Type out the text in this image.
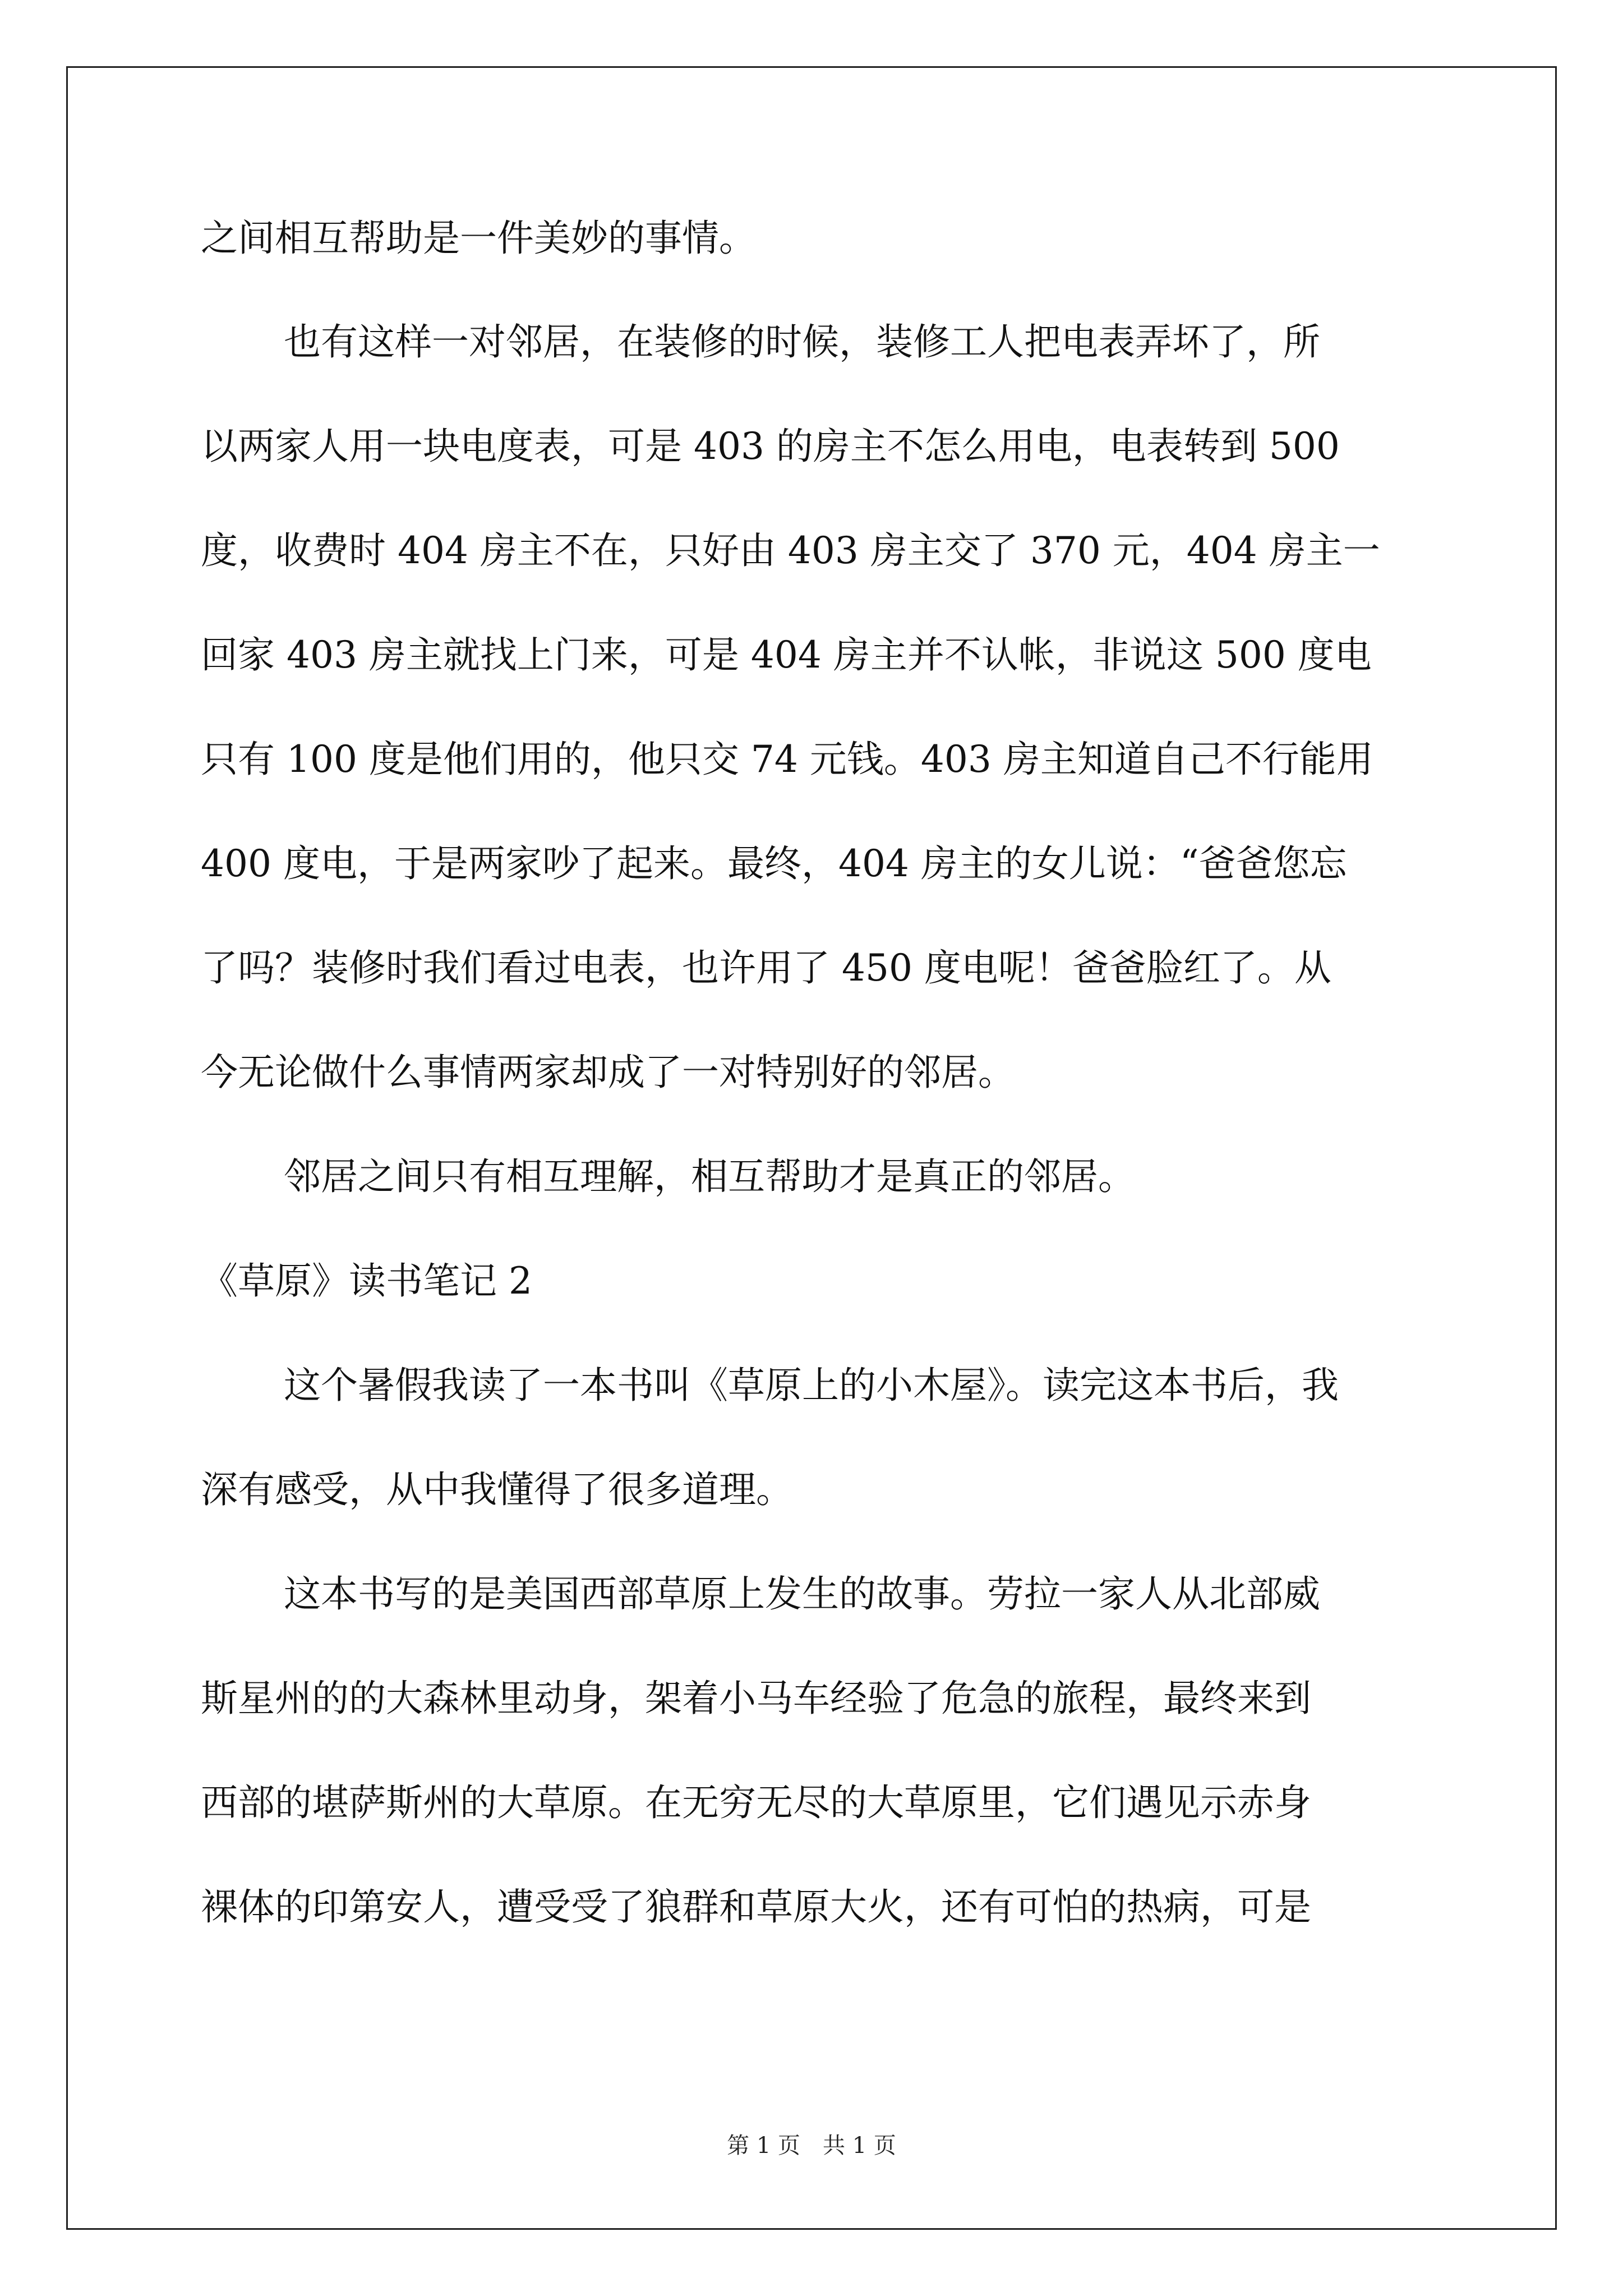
之间相互帮助是一件美妙的事情。
也有这样一对邻居，在装修的时候，装修工人把电表弄坏了，所
以两家人用一块电度表，可是 403 的房主不怎么用电，电表转到 500
度，收费时 404 房主不在，只好由 403 房主交了 370 元，404 房主一
回家 403 房主就找上门来，可是 404 房主并不认帐，非说这 500 度电
只有 100 度是他们用的，他只交 74 元钱。403 房主知道自己不行能用
400 度电，于是两家吵了起来。最终，404 房主的女儿说：“爸爸您忘
了吗？装修时我们看过电表，也许用了 450 度电呢！爸爸脸红了。从
今无论做什么事情两家却成了一对特别好的邻居。
邻居之间只有相互理解，相互帮助才是真正的邻居。
《草原》读书笔记 2
这个暑假我读了一本书叫《草原上的小木屋》。读完这本书后，我
深有感受，从中我懂得了很多道理。
这本书写的是美国西部草原上发生的故事。劳拉一家人从北部威
斯星州的的大森林里动身，架着小马车经验了危急的旅程，最终来到
西部的堪萨斯州的大草原。在无穷无尽的大草原里，它们遇见示赤身
裸体的印第安人，遭受受了狼群和草原大火，还有可怕的热病，可是
第 1 页　共 1 页
